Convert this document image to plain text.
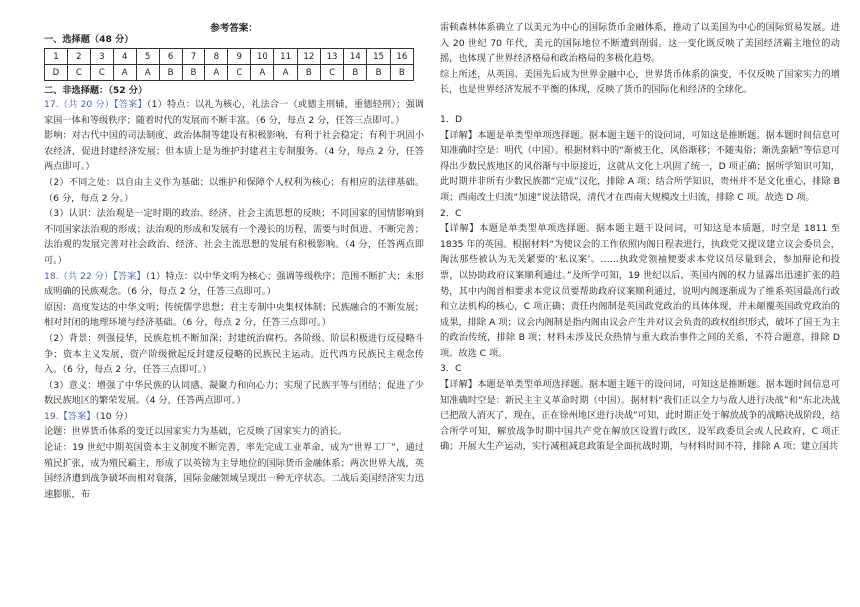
参考答案：
一、选择题（48 分）
1	2	3	4	5	6	7	8	9	10	11	12	13	14	15	16
D	C	C	A	A	B	B	A	C	A	A	B	C	B	B	B
二、非选择题：（52 分）

17.（共 20 分）【答案】（1）特点：以礼为核心，礼法合一（或德主刑辅，重德轻刑）；强调家国一体和等级秩序；随着时代的发展而不断丰富。（6 分，每点 2 分，任答三点即可。）

影响：对古代中国的司法制度、政治体制等建设有积极影响，有利于社会稳定；有利于巩固小农经济，促进封建经济发展；但本质上是为维护封建君主专制服务。（4 分，每点 2 分，任答两点即可。）

（2）不同之处：以自由主义作为基础；以维护和保障个人权利为核心；有相应的法律基础。（6 分，每点 2 分。）

（3）认识：法治观是一定时期的政治、经济、社会主流思想的反映；不同国家的国情影响到不同国家法治观的形成；法治观的形成和发展有一个漫长的历程，需要与时俱进、不断完善；法治观的发展完善对社会政治、经济、社会主流思想的发展有积极影响。（4 分，任答两点即可。）

18.（共 22 分）【答案】（1）特点：以中华文明为核心；强调等级秩序；范围不断扩大；未形成明确的民族观念。（6 分，每点 2 分，任答三点即可。）

原因：高度发达的中华文明；传统儒学思想；君主专制中央集权体制；民族融合的不断发展；相对封闭的地理环境与经济基础。（6 分，每点 2 分，任答三点即可。）

（2）背景：列强侵华，民族危机不断加深；封建统治腐朽。各阶级、阶层积极进行反侵略斗争；资本主义发展，资产阶级掀起反封建反侵略的民族民主运动。近代西方民族民主观念传入。（6 分，每点 2 分，任答三点即可。）

（3）意义：增强了中华民族的认同感、凝聚力和向心力；实现了民族平等与团结；促进了少数民族地区的繁荣发展。（4 分，任答两点即可。）

19.【答案】（10 分）

论题：世界货币体系的变迁以国家实力为基础，它反映了国家实力的消长。

论证：19 世纪中期英国资本主义制度不断完善，率先完成工业革命，成为“世界工厂”，通过殖民扩张，成为殖民霸主，形成了以英镑为主导地位的国际货币金融体系；两次世界大战，英国经济遭到战争破坏而相对衰落，国际金融领域呈现出一种无序状态。二战后美国经济实力迅速膨胀，布

雷顿森林体系确立了以美元为中心的国际货币金融体系，推动了以美国为中心的国际贸易发展。进入 20 世纪 70 年代，美元的国际地位不断遭到削弱。这一变化既反映了美国经济霸主地位的动摇，也体现了世界经济格局和政治格局的多极化趋势。

综上所述，从英国、美国先后成为世界金融中心，世界货币体系的演变，不仅反映了国家实力的增长，也是世界经济发展不平衡的体现，反映了货币的国际化和经济的全球化。

1．D

【详解】本题是单类型单项选择题。据本题主题干的设问词，可知这是推断题。据本题时间信息可知准确时空是：明代（中国）。根据材料中的“渐被王化，风俗渐移；不随夷俗；渐洗蛮陋”等信息可得出少数民族地区的风俗渐与中原接近，这就从文化上巩固了统一，D 项正确；据所学知识可知，此时期并非所有少数民族都“完成”汉化，排除 A 项；结合所学知识，贵州并不是文化重心，排除 B 项；西南改土归流“加速”说法错误，清代才在西南大规模改土归流，排除 C 项。故选 D 项。

2．C

【详解】本题是单类型单项选择题。据本题主题干设问词，可知这是本质题，时空是 1811 至 1835 年的英国。根据材料“为使议会的工作依照内阁日程表进行，执政党又提议建立议会委员会，淘汰那些被认为无关紧要的‘私议案’。……执政党领袖便要求本党议员尽量到会，参加辩论和投票，以协助政府议案顺利通过。”及所学可知，19 世纪以后，英国内阁的权力显露出迅速扩张的趋势，其中内阁首相要求本党议员要帮助政府议案顺利通过，说明内阁逐渐成为了维系英国最高行政和立法机构的核心，C 项正确；责任内阁制是英国政党政治的具体体现，并未颠覆英国政党政治的成果，排除 A 项；议会内阁制是指内阁由议会产生并对议会负责的政权组织形式，破坏了国王为主的政治传统，排除 B 项；材料未涉及民众热情与重大政治事件之间的关系，不符合题意，排除 D 项。故选 C 项。

3．C

【详解】本题是单类型单项选择题。据本题主题干的设问词，可知这是推断题。据本题时间信息可知准确时空是：新民主主义革命时期（中国）。据材料“我们正以全力与敌人进行决战”和“东北决战已把敌人消灭了，现在，正在徐州地区进行决战”可知，此时期正处于解放战争的战略决战阶段，结合所学可知，解放战争时期中国共产党在解放区设置行政区，设军政委员会或人民政府，C 项正确；开展大生产运动，实行减租减息政策是全面抗战时期，与材料时间不符，排除 A 项；建立国共
